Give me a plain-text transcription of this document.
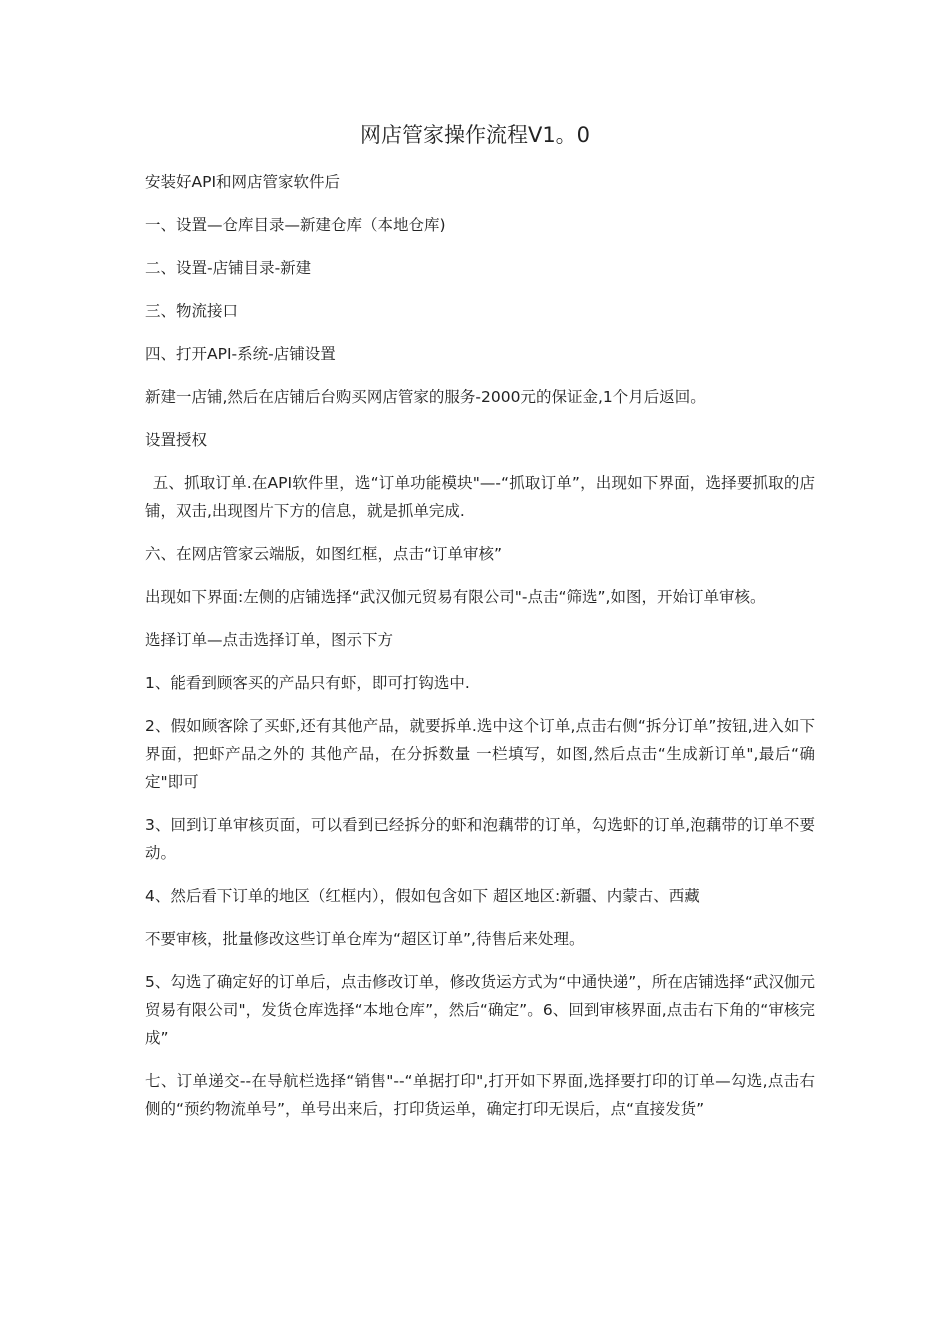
网店管家操作流程V1。0

安装好API和网店管家软件后

一、设置—仓库目录—新建仓库（本地仓库)

二、设置-店铺目录-新建

三、物流接口

四、打开API-系统-店铺设置

新建一店铺,然后在店铺后台购买网店管家的服务-2000元的保证金,1个月后返回。

设置授权

五、抓取订单.在API软件里，选“订单功能模块"—-“抓取订单”，出现如下界面，选择要抓取的店铺，双击,出现图片下方的信息，就是抓单完成.

六、在网店管家云端版，如图红框，点击“订单审核”

出现如下界面:左侧的店铺选择“武汉伽元贸易有限公司"-点击“筛选”,如图，开始订单审核。

选择订单—点击选择订单，图示下方

1、能看到顾客买的产品只有虾，即可打钩选中.

2、假如顾客除了买虾,还有其他产品，就要拆单.选中这个订单,点击右侧“拆分订单”按钮,进入如下界面，把虾产品之外的 其他产品，在分拆数量 一栏填写，如图,然后点击“生成新订单",最后“确定"即可

3、回到订单审核页面，可以看到已经拆分的虾和泡藕带的订单，勾选虾的订单,泡藕带的订单不要动。

4、然后看下订单的地区（红框内），假如包含如下 超区地区:新疆、内蒙古、西藏

不要审核，批量修改这些订单仓库为“超区订单”,待售后来处理。

5、勾选了确定好的订单后，点击修改订单，修改货运方式为“中通快递”，所在店铺选择“武汉伽元贸易有限公司"，发货仓库选择“本地仓库”，然后“确定”。6、回到审核界面,点击右下角的“审核完成”

七、订单递交--在导航栏选择“销售"--“单据打印",打开如下界面,选择要打印的订单—勾选,点击右侧的“预约物流单号”，单号出来后，打印货运单，确定打印无误后，点“直接发货”
